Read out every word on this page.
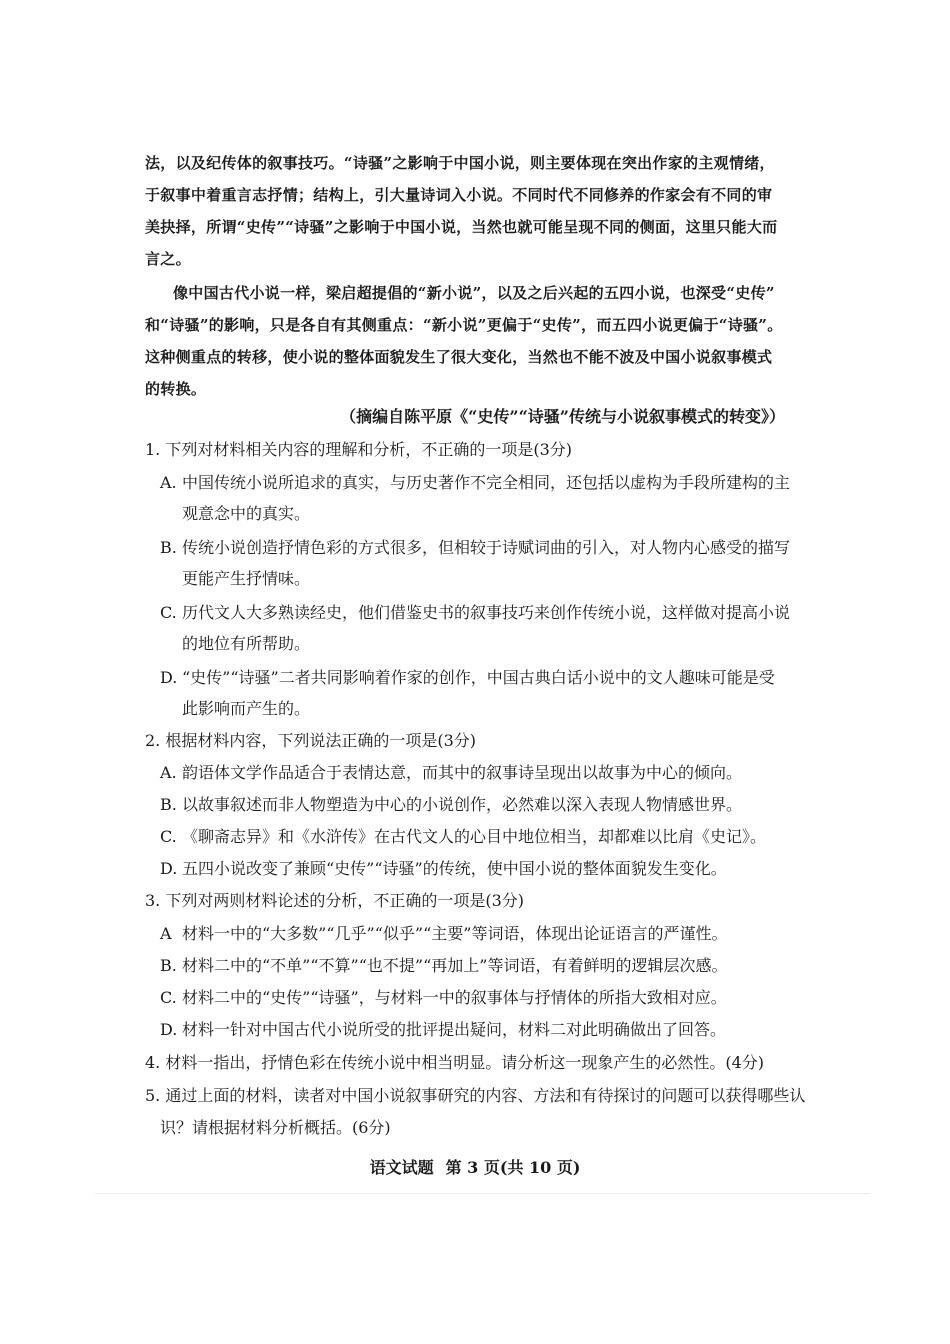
法，以及纪传体的叙事技巧。“诗骚”之影响于中国小说，则主要体现在突出作家的主观情绪，
于叙事中着重言志抒情；结构上，引大量诗词入小说。不同时代不同修养的作家会有不同的审
美抉择，所谓“史传”“诗骚”之影响于中国小说，当然也就可能呈现不同的侧面，这里只能大而
言之。
像中国古代小说一样，梁启超提倡的“新小说”，以及之后兴起的五四小说，也深受“史传”
和“诗骚”的影响，只是各自有其侧重点：“新小说”更偏于“史传”，而五四小说更偏于“诗骚”。
这种侧重点的转移，使小说的整体面貌发生了很大变化，当然也不能不波及中国小说叙事模式
的转换。
（摘编自陈平原《“史传”“诗骚”传统与小说叙事模式的转变》）
1. 下列对材料相关内容的理解和分析，不正确的一项是(3分)
A. 中国传统小说所追求的真实，与历史著作不完全相同，还包括以虚构为手段所建构的主
观意念中的真实。
B. 传统小说创造抒情色彩的方式很多，但相较于诗赋词曲的引入，对人物内心感受的描写
更能产生抒情味。
C. 历代文人大多熟读经史，他们借鉴史书的叙事技巧来创作传统小说，这样做对提高小说
的地位有所帮助。
D. “史传”“诗骚”二者共同影响着作家的创作，中国古典白话小说中的文人趣味可能是受
此影响而产生的。
2. 根据材料内容，下列说法正确的一项是(3分)
A. 韵语体文学作品适合于表情达意，而其中的叙事诗呈现出以故事为中心的倾向。
B. 以故事叙述而非人物塑造为中心的小说创作，必然难以深入表现人物情感世界。
C. 《聊斋志异》和《水浒传》在古代文人的心目中地位相当，却都难以比肩《史记》。
D. 五四小说改变了兼顾“史传”“诗骚”的传统，使中国小说的整体面貌发生变化。
3. 下列对两则材料论述的分析，不正确的一项是(3分)
A 材料一中的“大多数”“几乎”“似乎”“主要”等词语，体现出论证语言的严谨性。
B. 材料二中的“不单”“不算”“也不提”“再加上”等词语，有着鲜明的逻辑层次感。
C. 材料二中的“史传”“诗骚”，与材料一中的叙事体与抒情体的所指大致相对应。
D. 材料一针对中国古代小说所受的批评提出疑问，材料二对此明确做出了回答。
4. 材料一指出，抒情色彩在传统小说中相当明显。请分析这一现象产生的必然性。(4分)
5. 通过上面的材料，读者对中国小说叙事研究的内容、方法和有待探讨的问题可以获得哪些认
识？请根据材料分析概括。(6分)
语文试题 第 3 页(共 10 页)
